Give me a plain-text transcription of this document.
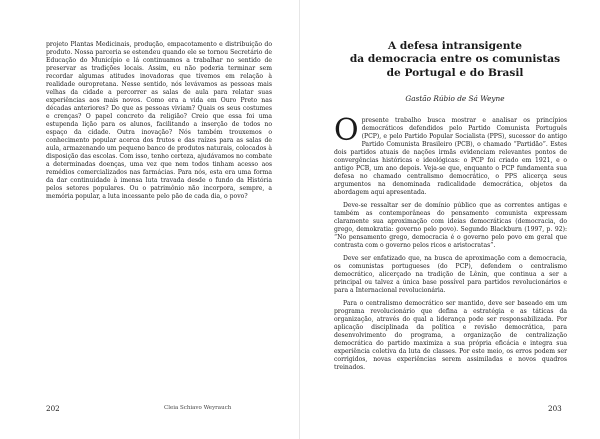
projeto Plantas Medicinais, produção, empacotamento e distribuição do produto. Nossa parceria se estendeu quando ele se tornou Secretário de Educação do Município e lá continuamos a trabalhar no sentido de preservar as tradições locais. Assim, eu não poderia terminar sem recordar algumas atitudes inovadoras que tivemos em relação à realidade ouropretana. Nesse sentido, nós levávamos as pessoas mais velhas da cidade a percorrer as salas de aula para relatar suas experiências aos mais novos. Como era a vida em Ouro Preto nas décadas anteriores? Do que as pessoas viviam? Quais os seus costumes e crenças? O papel concreto da religião? Creio que essa foi uma estupenda lição para os alunos, facilitando a inserção de todos no espaço da cidade. Outra inovação? Nós também trouxemos o conhecimento popular acerca dos frutos e das raízes para as salas de aula, armazenando um pequeno banco de produtos naturais, colocados à disposição das escolas. Com isso, tenho certeza, ajudávamos no combate a determinadas doenças, uma vez que nem todos tinham acesso aos remédios comercializados nas farmácias. Para nós, esta era uma forma da dar continuidade à imensa luta travada desde o fundo da História pelos setores populares. Ou o patrimônio não incorpora, sempre, a memória popular, a luta incessante pelo pão de cada dia, o povo?

202	Cleia Schiavo Weyrauch
A defesa intransigente
da democracia entre os comunistas
de Portugal e do Brasil
Gastão Rúbio de Sá Weyne

Opresente trabalho busca mostrar e analisar os princípios democráticos defendidos pelo Partido Comunista Português (PCP), e pelo Partido Popular Socialista (PPS), sucessor do antigo Partido Comunista Brasileiro (PCB), o chamado “Partidão”. Estes dois partidos atuais de nações irmãs evidenciam relevantes pontos de convergências históricas e ideológicas: o PCP foi criado em 1921, e o antigo PCB, um ano depois. Veja-se que, enquanto o PCP fundamenta sua defesa no chamado centralismo democrático, o PPS alicerça seus argumentos na denominada radicalidade democrática, objetos da abordagem aqui apresentada.

Deve-se ressaltar ser de domínio público que as correntes antigas e também as contemporâneas do pensamento comunista expressam claramente sua aproximação com ideias democráticas (democracia, do grego, demokratia: governo pelo povo). Segundo Blackburn (1997, p. 92): “No pensamento grego, democracia é o governo pelo povo em geral que contrasta com o governo pelos ricos e aristocratas”.

Deve ser enfatizado que, na busca de aproximação com a democracia, os comunistas portugueses (do PCP), defendem o centralismo democrático, alicerçado na tradição de Lênin, que continua a ser a principal ou talvez a única base possível para partidos revolucionários e para a Internacional revolucionária.

Para o centralismo democrático ser mantido, deve ser baseado em um programa revolucionário que defina a estratégia e as táticas da organização, através do qual a liderança pode ser responsabilizada. Por aplicação disciplinada da política e revisão democrática, para desenvolvimento do programa, a organização de centralização democrática do partido maximiza a sua própria eficácia e integra sua experiência coletiva da luta de classes. Por este meio, os erros podem ser corrigidos, novas experiências serem assimiladas e novos quadros treinados.

203
